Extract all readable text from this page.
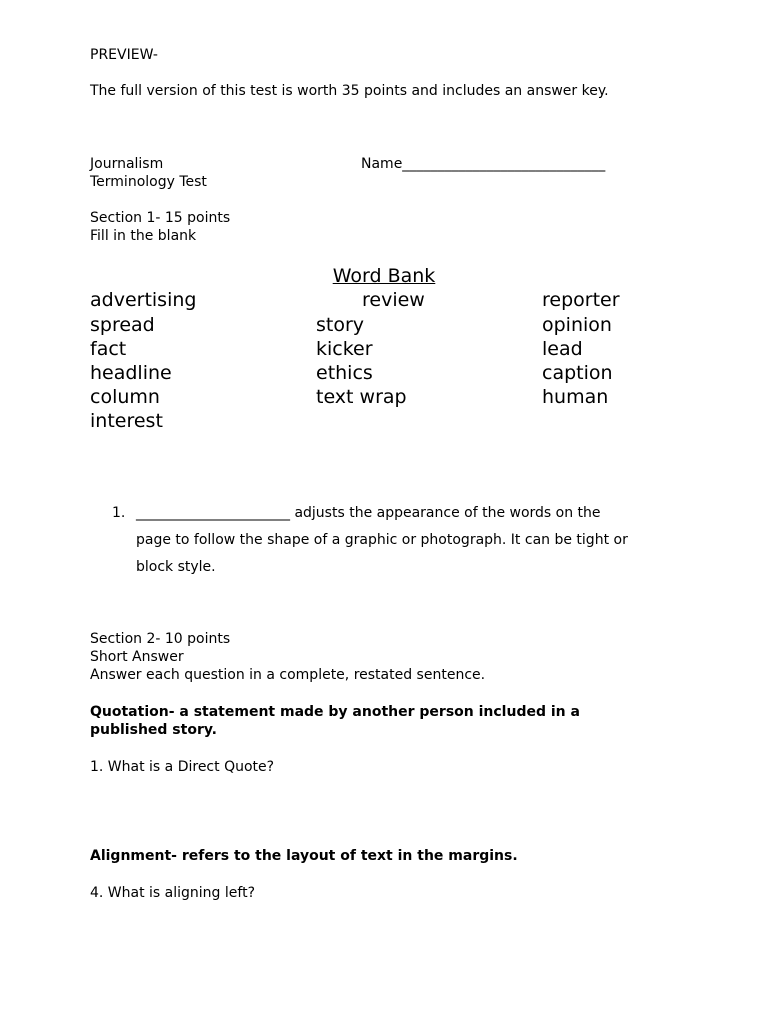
PREVIEW-
The full version of this test is worth 35 points and includes an answer key.
Journalism	Name_____________________________
Terminology Test
Section 1- 15 points
Fill in the blank
Word Bank
advertising	review	reporter
spread	story	opinion
fact	kicker	lead
headline	ethics	caption
column	text wrap	human
interest
1. ______________________ adjusts the appearance of the words on the
page to follow the shape of a graphic or photograph. It can be tight or
block style.
Section 2- 10 points
Short Answer
Answer each question in a complete, restated sentence.
Quotation- a statement made by another person included in a
published story.
1. What is a Direct Quote?
Alignment- refers to the layout of text in the margins.
4. What is aligning left?
